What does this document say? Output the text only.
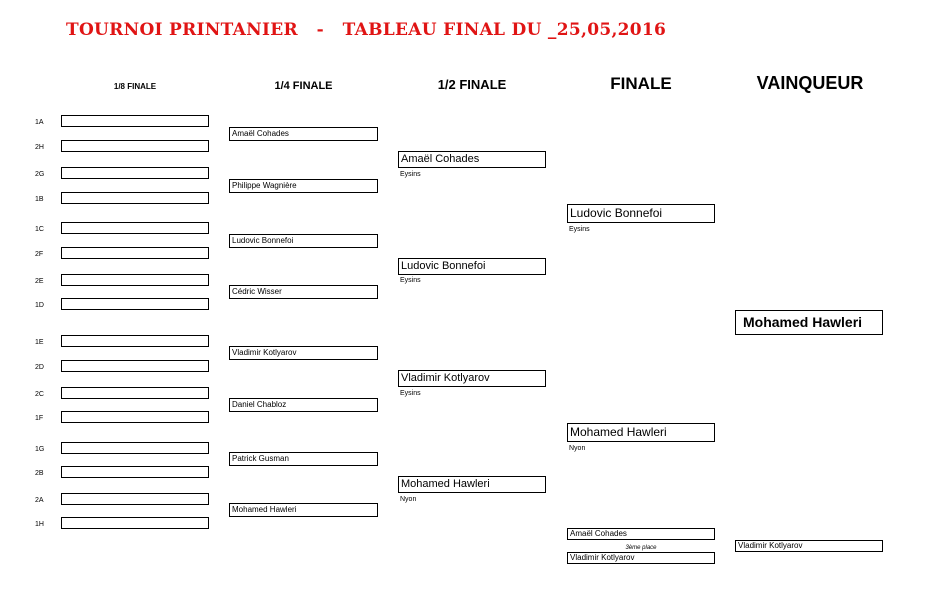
TOURNOI PRINTANIER   -   TABLEAU FINAL DU _25,05,2016
1/8 FINALE	1/4 FINALE	1/2 FINALE	FINALE	VAINQUEUR
1A
2H
2G
1B
1C
2F
2E
1D
1E
2D
2C
1F
1G
2B
2A
1H
Amaël Cohades
Philippe Wagnière
Ludovic Bonnefoi
Cédric Wisser
Vladimir Kotlyarov
Daniel Chabloz
Patrick Gusman
Mohamed Hawleri
Amaël Cohades
Eysins
Ludovic Bonnefoi
Eysins
Vladimir Kotlyarov
Eysins
Mohamed Hawleri
Nyon
Ludovic Bonnefoi
Eysins
Mohamed Hawleri
Nyon
Mohamed Hawleri
Amaël Cohades
3ème place
Vladimir Kotlyarov
Vladimir Kotlyarov
